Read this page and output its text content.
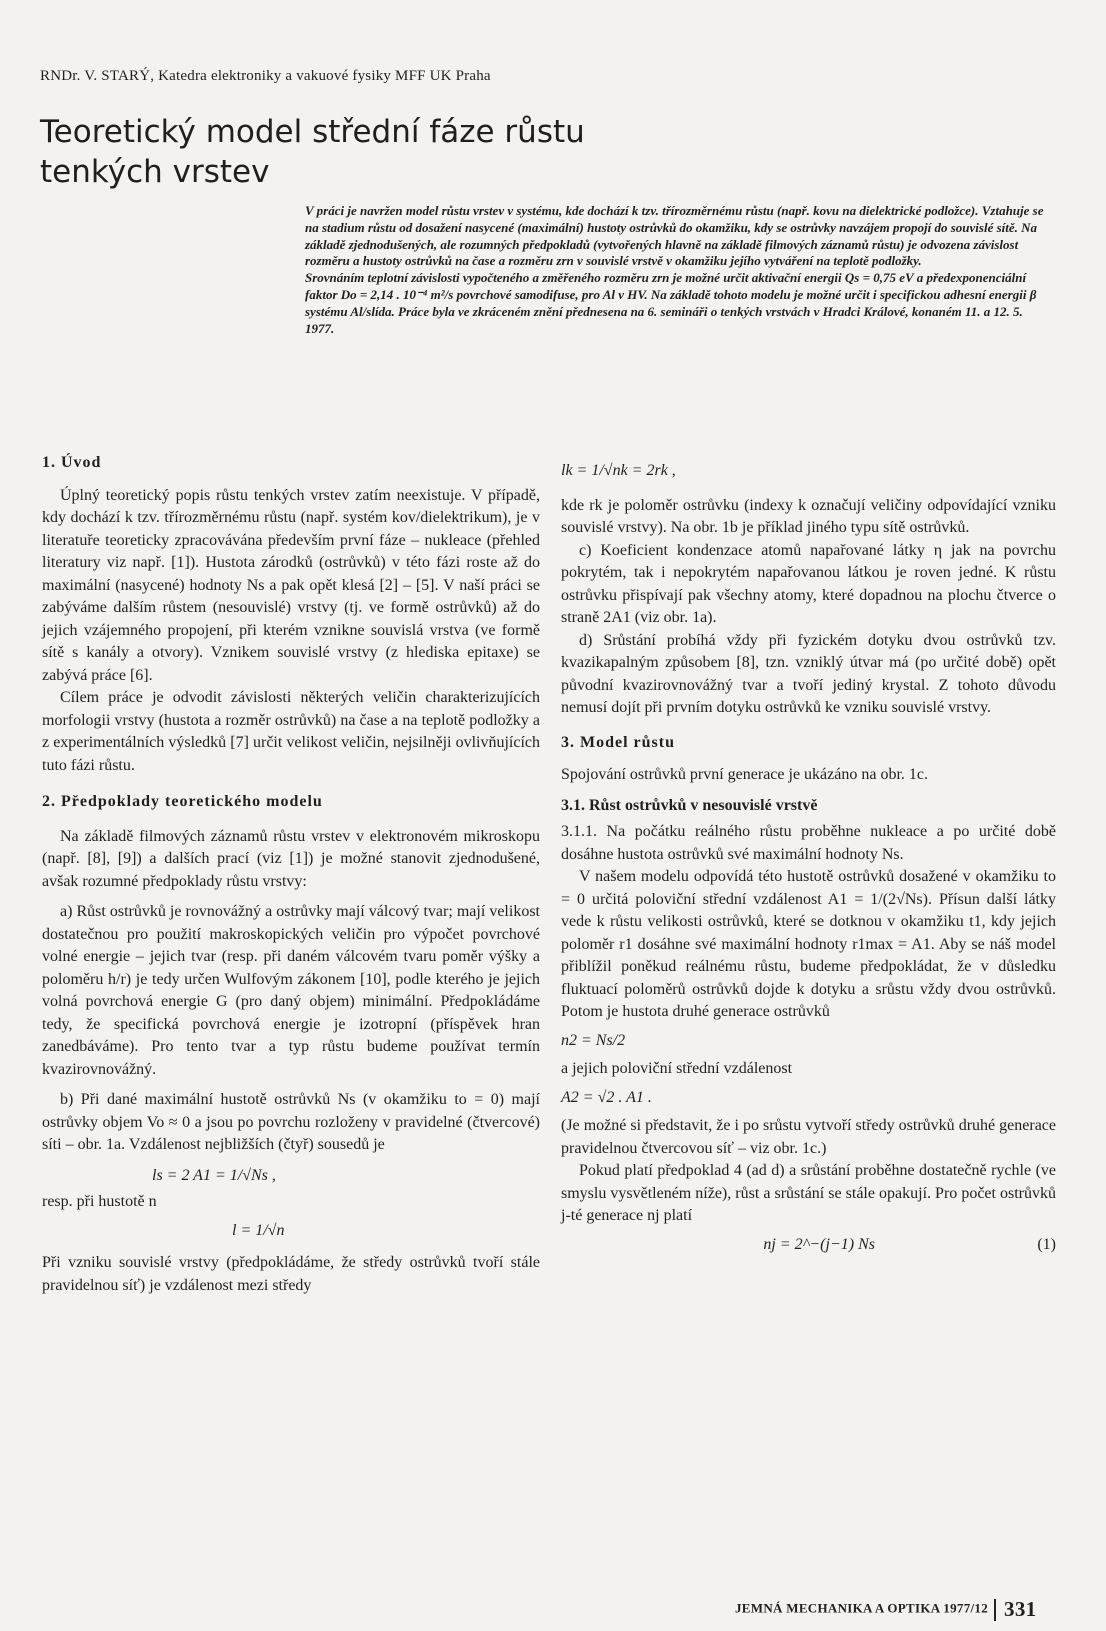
RNDr. V. STARÝ, Katedra elektroniky a vakuové fysiky MFF UK Praha
Teoretický model střední fáze růstu
tenkých vrstev

V práci je navržen model růstu vrstev v systému, kde dochází k tzv. třírozměrnému růstu (např. kovu na dielektrické podložce). Vztahuje se na stadium růstu od dosažení nasycené (maximální) hustoty ostrůvků do okamžiku, kdy se ostrůvky navzájem propojí do souvislé sítě. Na základě zjednodušených, ale rozumných předpokladů (vytvořených hlavně na základě filmových záznamů růstu) je odvozena závislost rozměru a hustoty ostrůvků na čase a rozměru zrn v souvislé vrstvě v okamžiku jejího vytváření na teplotě podložky.

Srovnáním teplotní závislosti vypočteného a změřeného rozměru zrn je možné určit aktivační energii Qs = 0,75 eV a předexponenciální faktor Do = 2,14 . 10⁻⁴ m²/s povrchové samodifuse, pro Al v HV. Na základě tohoto modelu je možné určit i specifickou adhesní energii β systému Al/slída. Práce byla ve zkráceném znění přednesena na 6. semináři o tenkých vrstvách v Hradci Králové, konaném 11. a 12. 5. 1977.

1. Úvod

Úplný teoretický popis růstu tenkých vrstev zatím neexistuje. V případě, kdy dochází k tzv. třírozměrnému růstu (např. systém kov/dielektrikum), je v literatuře teoreticky zpracovávána především první fáze – nukleace (přehled literatury viz např. [1]). Hustota zárodků (ostrůvků) v této fázi roste až do maximální (nasycené) hodnoty Ns a pak opět klesá [2] – [5]. V naší práci se zabýváme dalším růstem (nesouvislé) vrstvy (tj. ve formě ostrůvků) až do jejich vzájemného propojení, při kterém vznikne souvislá vrstva (ve formě sítě s kanály a otvory). Vznikem souvislé vrstvy (z hlediska epitaxe) se zabývá práce [6].

Cílem práce je odvodit závislosti některých veličin charakterizujících morfologii vrstvy (hustota a rozměr ostrůvků) na čase a na teplotě podložky a z experimentálních výsledků [7] určit velikost veličin, nejsilněji ovlivňujících tuto fázi růstu.

2. Předpoklady teoretického modelu

Na základě filmových záznamů růstu vrstev v elektronovém mikroskopu (např. [8], [9]) a dalších prací (viz [1]) je možné stanovit zjednodušené, avšak rozumné předpoklady růstu vrstvy:

a) Růst ostrůvků je rovnovážný a ostrůvky mají válcový tvar; mají velikost dostatečnou pro použití makroskopických veličin pro výpočet povrchové volné energie – jejich tvar (resp. při daném válcovém tvaru poměr výšky a poloměru h/r) je tedy určen Wulfovým zákonem [10], podle kterého je jejich volná povrchová energie G (pro daný objem) minimální. Předpokládáme tedy, že specifická povrchová energie je izotropní (příspěvek hran zanedbáváme). Pro tento tvar a typ růstu budeme používat termín kvazirovnovážný.

b) Při dané maximální hustotě ostrůvků Ns (v okamžiku to = 0) mají ostrůvky objem Vo ≈ 0 a jsou po povrchu rozloženy v pravidelné (čtvercové) síti – obr. 1a. Vzdálenost nejbližších (čtyř) sousedů je

ls = 2 A1 = 1/√Ns ,

resp. při hustotě n

l = 1/√n

Při vzniku souvislé vrstvy (předpokládáme, že středy ostrůvků tvoří stále pravidelnou síť) je vzdálenost mezi středy

lk = 1/√nk = 2rk ,

kde rk je poloměr ostrůvku (indexy k označují veličiny odpovídající vzniku souvislé vrstvy). Na obr. 1b je příklad jiného typu sítě ostrůvků.

c) Koeficient kondenzace atomů napařované látky η jak na povrchu pokrytém, tak i nepokrytém napařovanou látkou je roven jedné. K růstu ostrůvku přispívají pak všechny atomy, které dopadnou na plochu čtverce o straně 2A1 (viz obr. 1a).

d) Srůstání probíhá vždy při fyzickém dotyku dvou ostrůvků tzv. kvazikapalným způsobem [8], tzn. vzniklý útvar má (po určité době) opět původní kvazirovnovážný tvar a tvoří jediný krystal. Z tohoto důvodu nemusí dojít při prvním dotyku ostrůvků ke vzniku souvislé vrstvy.

3. Model růstu

Spojování ostrůvků první generace je ukázáno na obr. 1c.

3.1. Růst ostrůvků v nesouvislé vrstvě

3.1.1. Na počátku reálného růstu proběhne nukleace a po určité době dosáhne hustota ostrůvků své maximální hodnoty Ns.

V našem modelu odpovídá této hustotě ostrůvků dosažené v okamžiku to = 0 určitá poloviční střední vzdálenost A1 = 1/(2√Ns). Přísun další látky vede k růstu velikosti ostrůvků, které se dotknou v okamžiku t1, kdy jejich poloměr r1 dosáhne své maximální hodnoty r1max = A1. Aby se náš model přiblížil poněkud reálnému růstu, budeme předpokládat, že v důsledku fluktuací poloměrů ostrůvků dojde k dotyku a srůstu vždy dvou ostrůvků. Potom je hustota druhé generace ostrůvků

n2 = Ns/2

a jejich poloviční střední vzdálenost

A2 = √2 . A1 .

(Je možné si představit, že i po srůstu vytvoří středy ostrůvků druhé generace pravidelnou čtvercovou síť – viz obr. 1c.)

Pokud platí předpoklad 4 (ad d) a srůstání proběhne dostatečně rychle (ve smyslu vysvětleném níže), růst a srůstání se stále opakují. Pro počet ostrůvků j-té generace nj platí

nj = 2^−(j−1) Ns	(1)
JEMNÁ MECHANIKA A OPTIKA 1977/12 331
